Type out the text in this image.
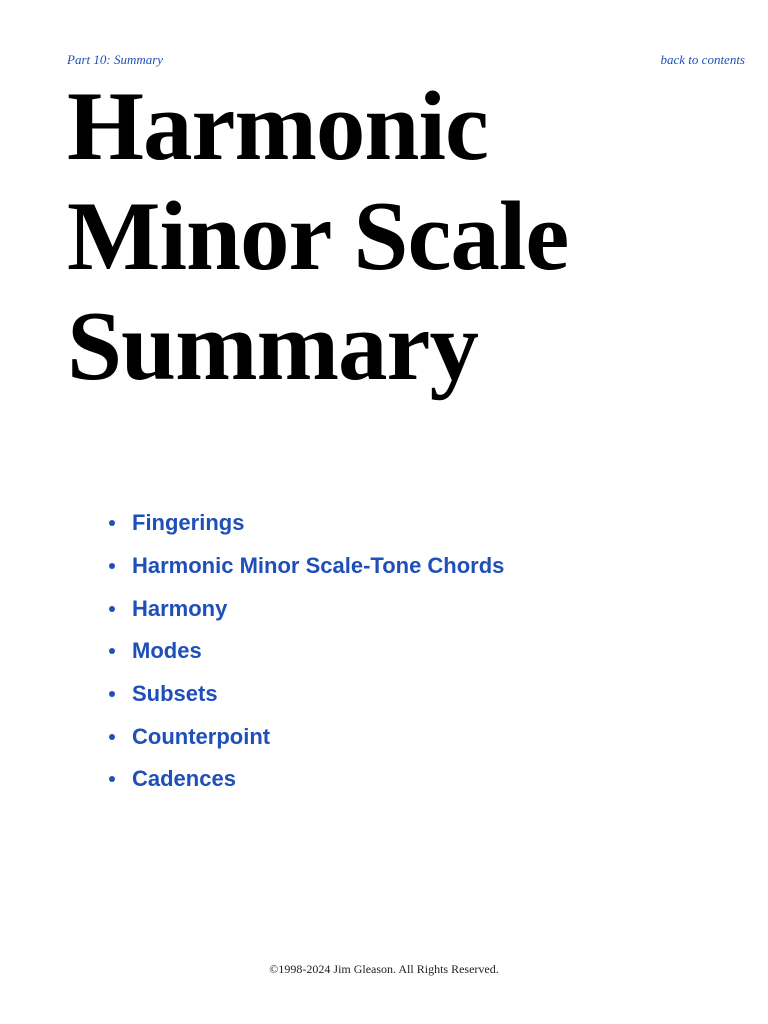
Part 10: Summary	back to contents
Harmonic
Minor Scale
Summary
Fingerings
Harmonic Minor Scale-Tone Chords
Harmony
Modes
Subsets
Counterpoint
Cadences
©1998-2024 Jim Gleason. All Rights Reserved.
